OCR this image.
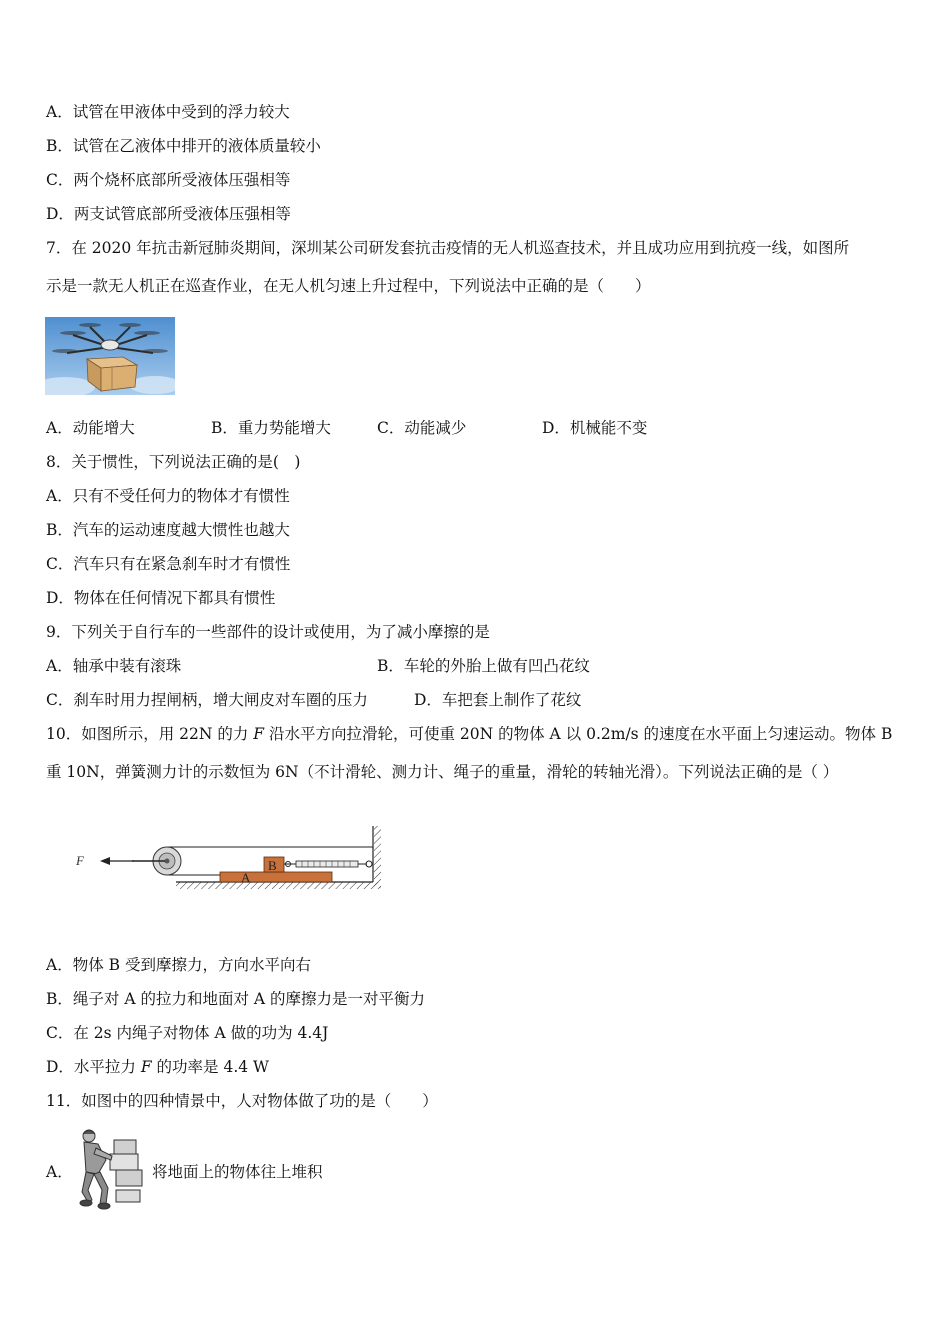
A．试管在甲液体中受到的浮力较大
B．试管在乙液体中排开的液体质量较小
C．两个烧杯底部所受液体压强相等
D．两支试管底部所受液体压强相等
7．在 2020 年抗击新冠肺炎期间，深圳某公司研发套抗击疫情的无人机巡查技术，并且成功应用到抗疫一线，如图所
示是一款无人机正在巡查作业，在无人机匀速上升过程中，下列说法中正确的是（　　）
A．动能增大	B．重力势能增大	C．动能减少	D．机械能不变
8．关于惯性，下列说法正确的是(　)
A．只有不受任何力的物体才有惯性
B．汽车的运动速度越大惯性也越大
C．汽车只有在紧急刹车时才有惯性
D．物体在任何情况下都具有惯性
9．下列关于自行车的一些部件的设计或使用，为了减小摩擦的是
A．轴承中装有滚珠	B．车轮的外胎上做有凹凸花纹
C．刹车时用力捏闸柄，增大闸皮对车圈的压力	D．车把套上制作了花纹
10．如图所示，用 22N 的力 F 沿水平方向拉滑轮，可使重 20N 的物体 A 以 0.2m/s 的速度在水平面上匀速运动。物体 B
重 10N，弹簧测力计的示数恒为 6N（不计滑轮、测力计、绳子的重量，滑轮的转轴光滑）。下列说法正确的是（ ）
F
A
B
A．物体 B 受到摩擦力，方向水平向右
B．绳子对 A 的拉力和地面对 A 的摩擦力是一对平衡力
C．在 2s 内绳子对物体 A 做的功为 4.4J
D．水平拉力 F 的功率是 4.4 W
11．如图中的四种情景中，人对物体做了功的是（　　）
A．	将地面上的物体往上堆积
